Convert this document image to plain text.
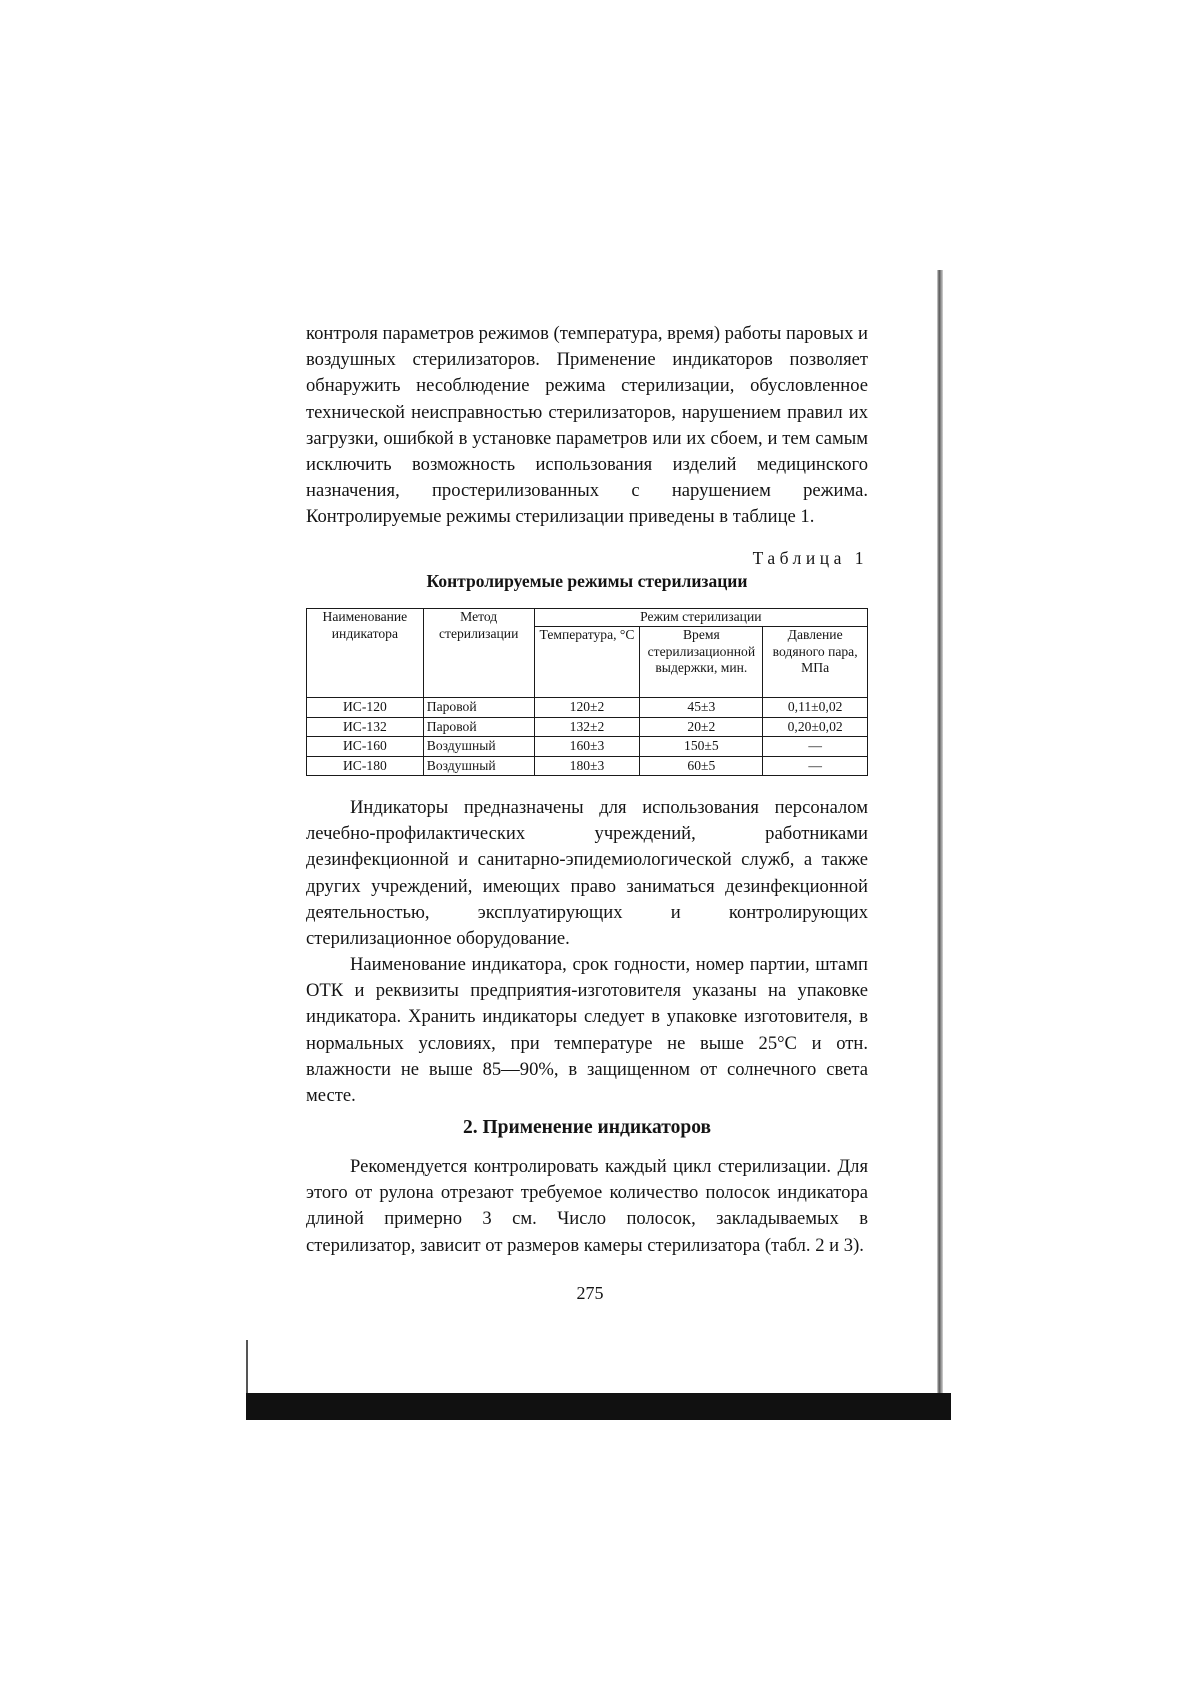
контроля параметров режимов (температура, время) работы паровых и воздушных стерилизаторов. Применение индикаторов позволяет обнаружить несоблюдение режима стерилизации, обусловленное технической неисправностью стерилизаторов, нарушением правил их загрузки, ошибкой в установке параметров или их сбоем, и тем самым исключить возможность использования изделий медицинского назначения, простерилизованных с нарушением режима. Контролируемые режимы стерилизации приведены в таблице 1.

Таблица 1
Контролируемые режимы стерилизации
Наименование индикатора	Метод стерилизации	Режим стерилизации		
		Температура, °С	Время стерилизационной выдержки, мин.	Давление водяного пара, МПа
ИС-120	Паровой	120±2	45±3	0,11±0,02
ИС-132	Паровой	132±2	20±2	0,20±0,02
ИС-160	Воздушный	160±3	150±5	—
ИС-180	Воздушный	180±3	60±5	—

Индикаторы предназначены для использования персоналом лечебно-профилактических учреждений, работниками дезинфекционной и санитарно-эпидемиологической служб, а также других учреждений, имеющих право заниматься дезинфекционной деятельностью, эксплуатирующих и контролирующих стерилизационное оборудование.

Наименование индикатора, срок годности, номер партии, штамп ОТК и реквизиты предприятия-изготовителя указаны на упаковке индикатора. Хранить индикаторы следует в упаковке изготовителя, в нормальных условиях, при температуре не выше 25°С и отн. влажности не выше 85—90%, в защищенном от солнечного света месте.

2. Применение индикаторов

Рекомендуется контролировать каждый цикл стерилизации. Для этого от рулона отрезают требуемое количество полосок индикатора длиной примерно 3 см. Число полосок, закладываемых в стерилизатор, зависит от размеров камеры стерилизатора (табл. 2 и 3).

275
